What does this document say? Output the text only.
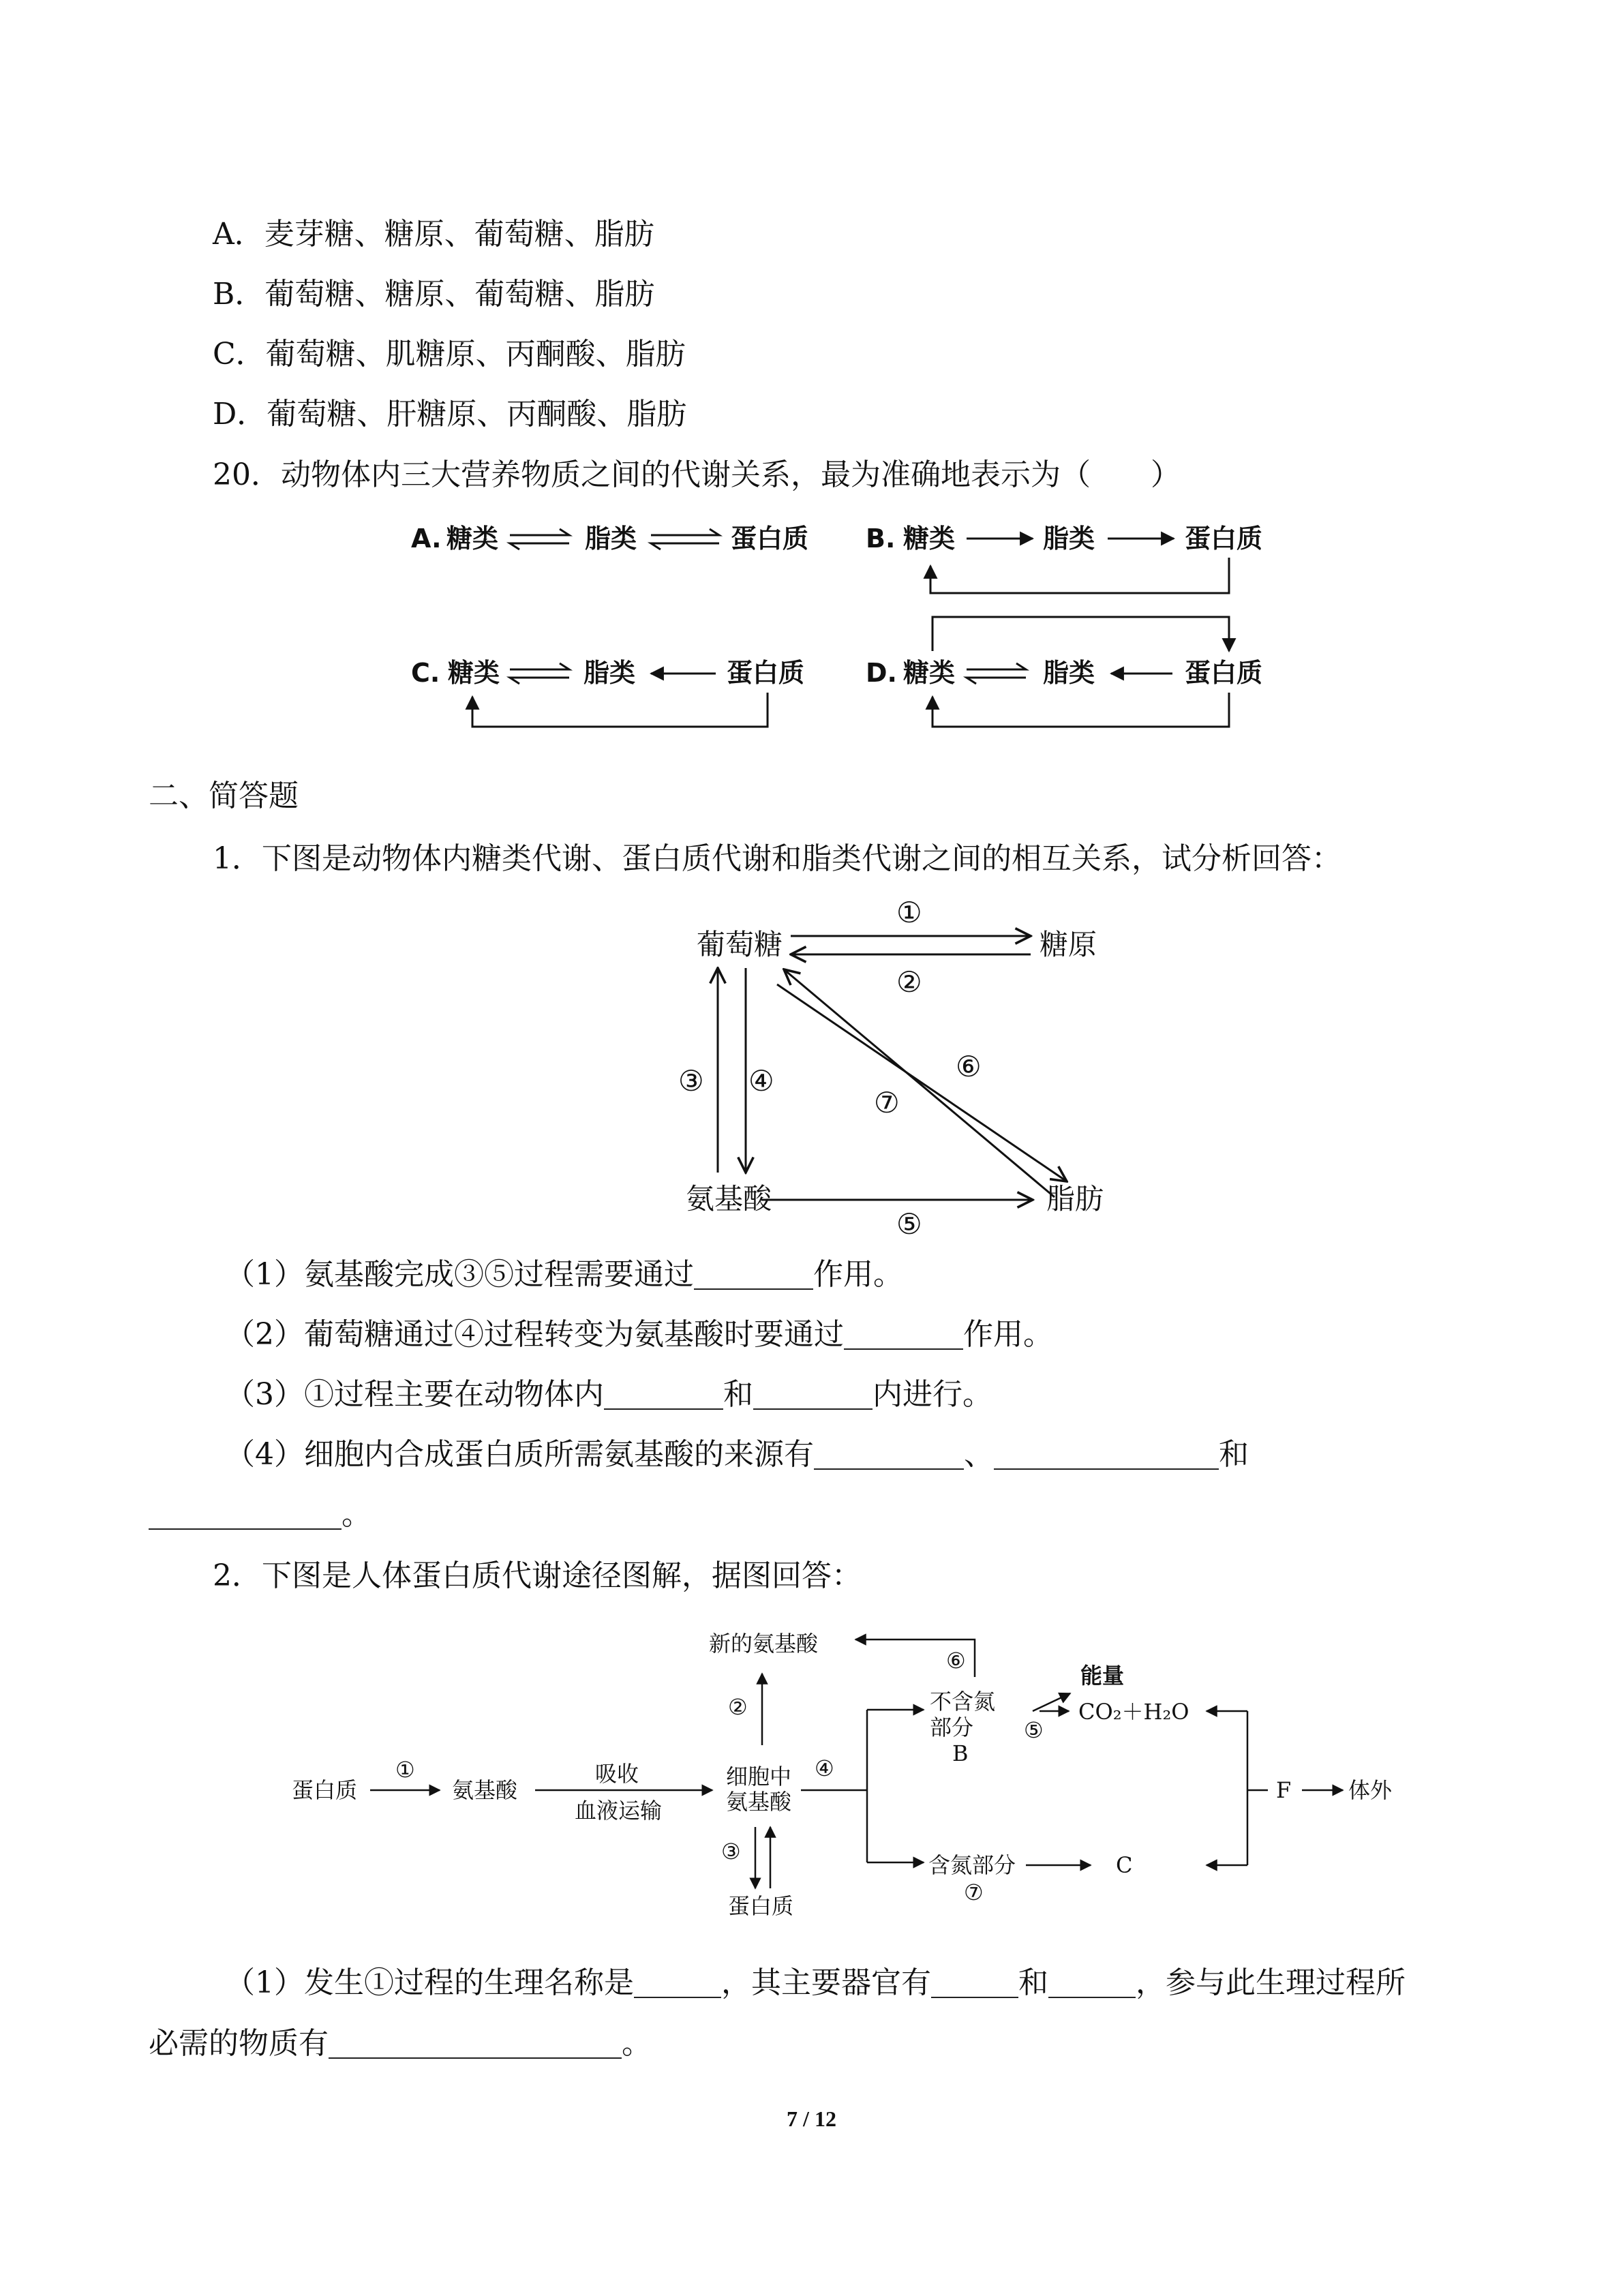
A．麦芽糖、糖原、葡萄糖、脂肪
B．葡萄糖、糖原、葡萄糖、脂肪
C．葡萄糖、肌糖原、丙酮酸、脂肪
D．葡萄糖、肝糖原、丙酮酸、脂肪
20．动物体内三大营养物质之间的代谢关系，最为准确地表示为（　　）
A. 糖类	脂类	蛋白质 B. 糖类	脂类	蛋白质
C. 糖类	脂类	蛋白质 D. 糖类	脂类	蛋白质
二、简答题
1．下图是动物体内糖类代谢、蛋白质代谢和脂类代谢之间的相互关系，试分析回答：
葡萄糖	糖原
氨基酸	脂肪
①
②
③ ④
⑤
⑥
⑦
（1）氨基酸完成③⑤过程需要通过	作用。
（2）葡萄糖通过④过程转变为氨基酸时要通过	作用。
（3）①过程主要在动物体内	和	内进行。
（4）细胞内合成蛋白质所需氨基酸的来源有	、	和
。
2．下图是人体蛋白质代谢途径图解，据图回答：
蛋白质
①
氨基酸
吸收
血液运输
细胞中
氨基酸
④
新的氨基酸
②
③
蛋白质
⑥
不含氮
部分
B
能量
⑤
CO₂＋H₂O
含氮部分
⑦
C
F	体外
（1）发生①过程的生理名称是	，其主要器官有	和	，参与此生理过程所
必需的物质有	。
7 / 12
